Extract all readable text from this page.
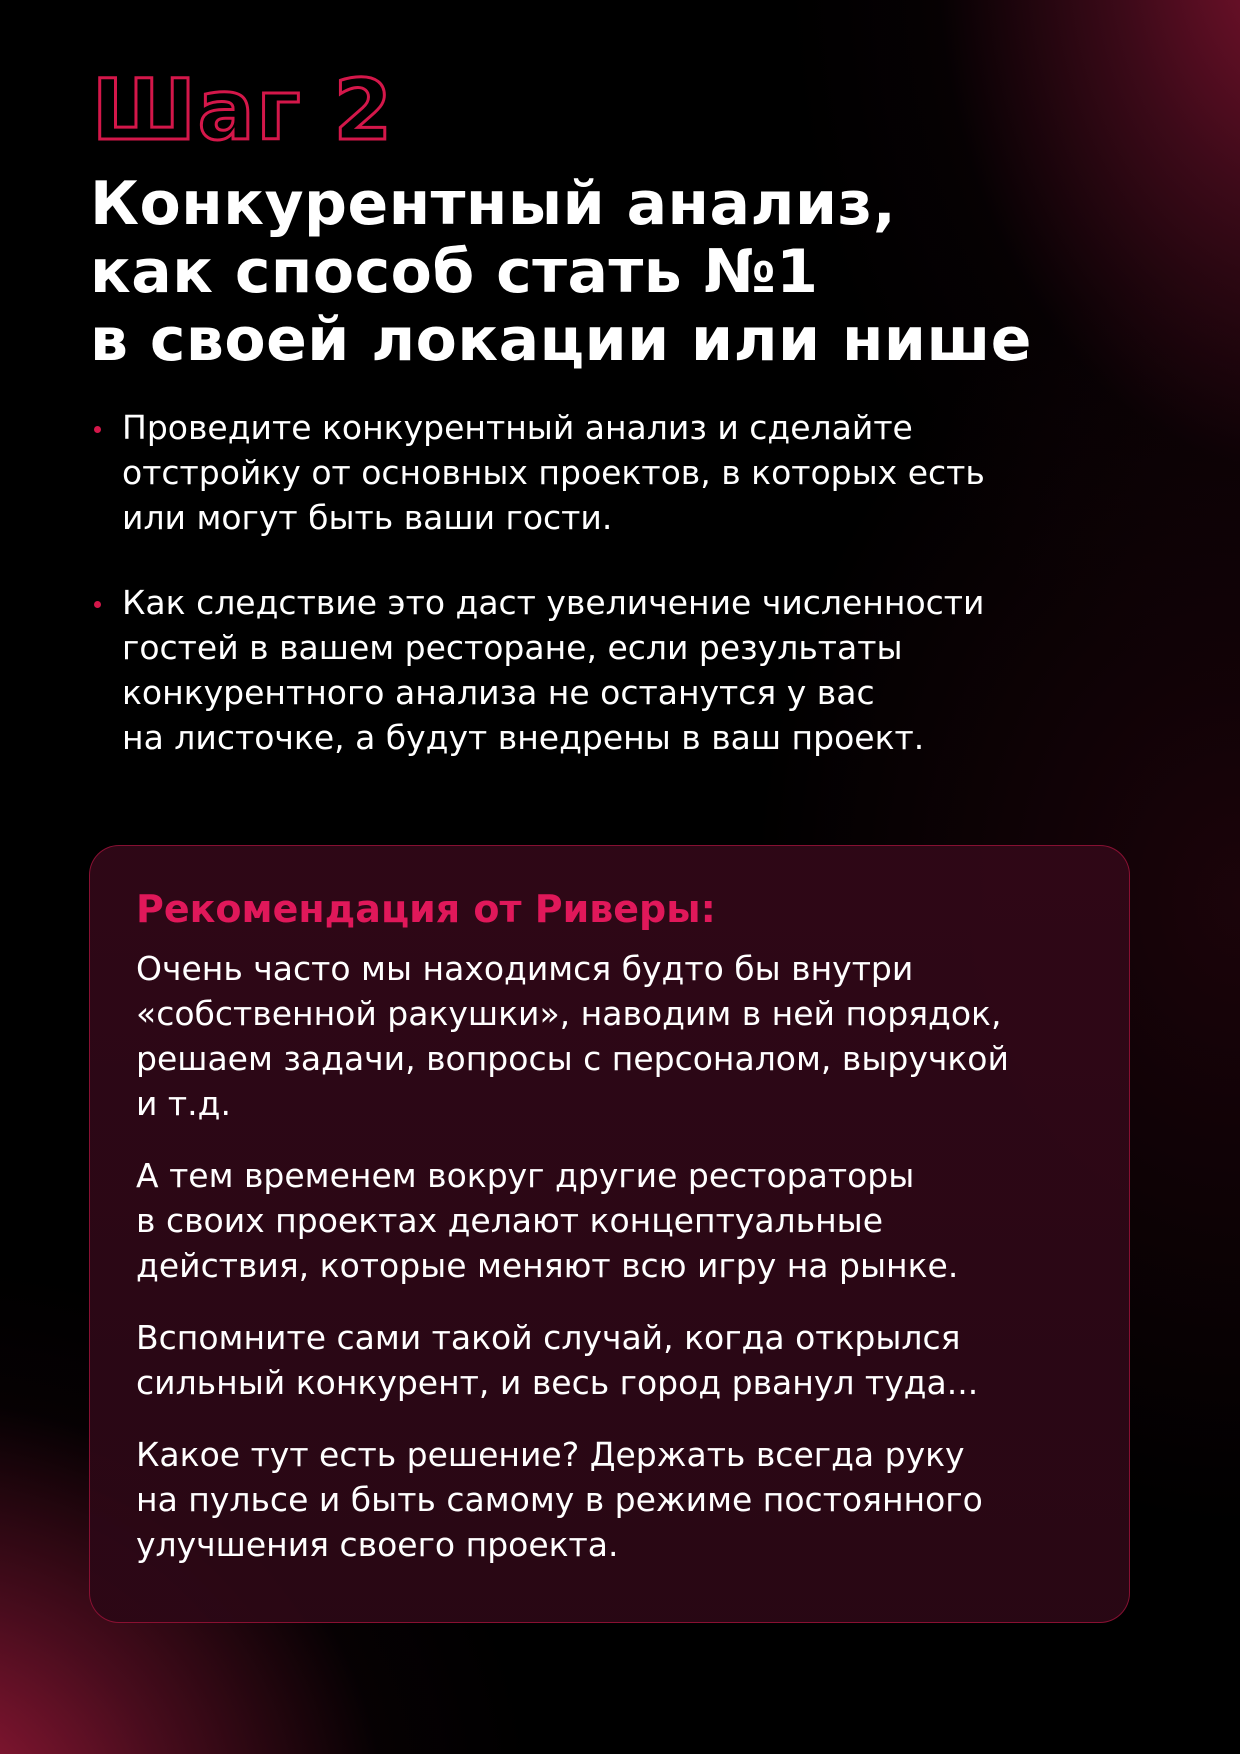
Шаг 2
Конкурентный анализ,
как способ стать №1
в своей локации или нише
Проведите конкурентный анализ и сделайте
отстройку от основных проектов, в которых есть
или могут быть ваши гости.
Как следствие это даст увеличение численности
гостей в вашем ресторане, если результаты
конкурентного анализа не останутся у вас
на листочке, а будут внедрены в ваш проект.
Рекомендация от Риверы:

Очень часто мы находимся будто бы внутри
«собственной ракушки», наводим в ней порядок,
решаем задачи, вопросы с персоналом, выручкой
и т.д.

А тем временем вокруг другие рестораторы
в своих проектах делают концептуальные
действия, которые меняют всю игру на рынке.

Вспомните сами такой случай, когда открылся
сильный конкурент, и весь город рванул туда...

Какое тут есть решение? Держать всегда руку
на пульсе и быть самому в режиме постоянного
улучшения своего проекта.
